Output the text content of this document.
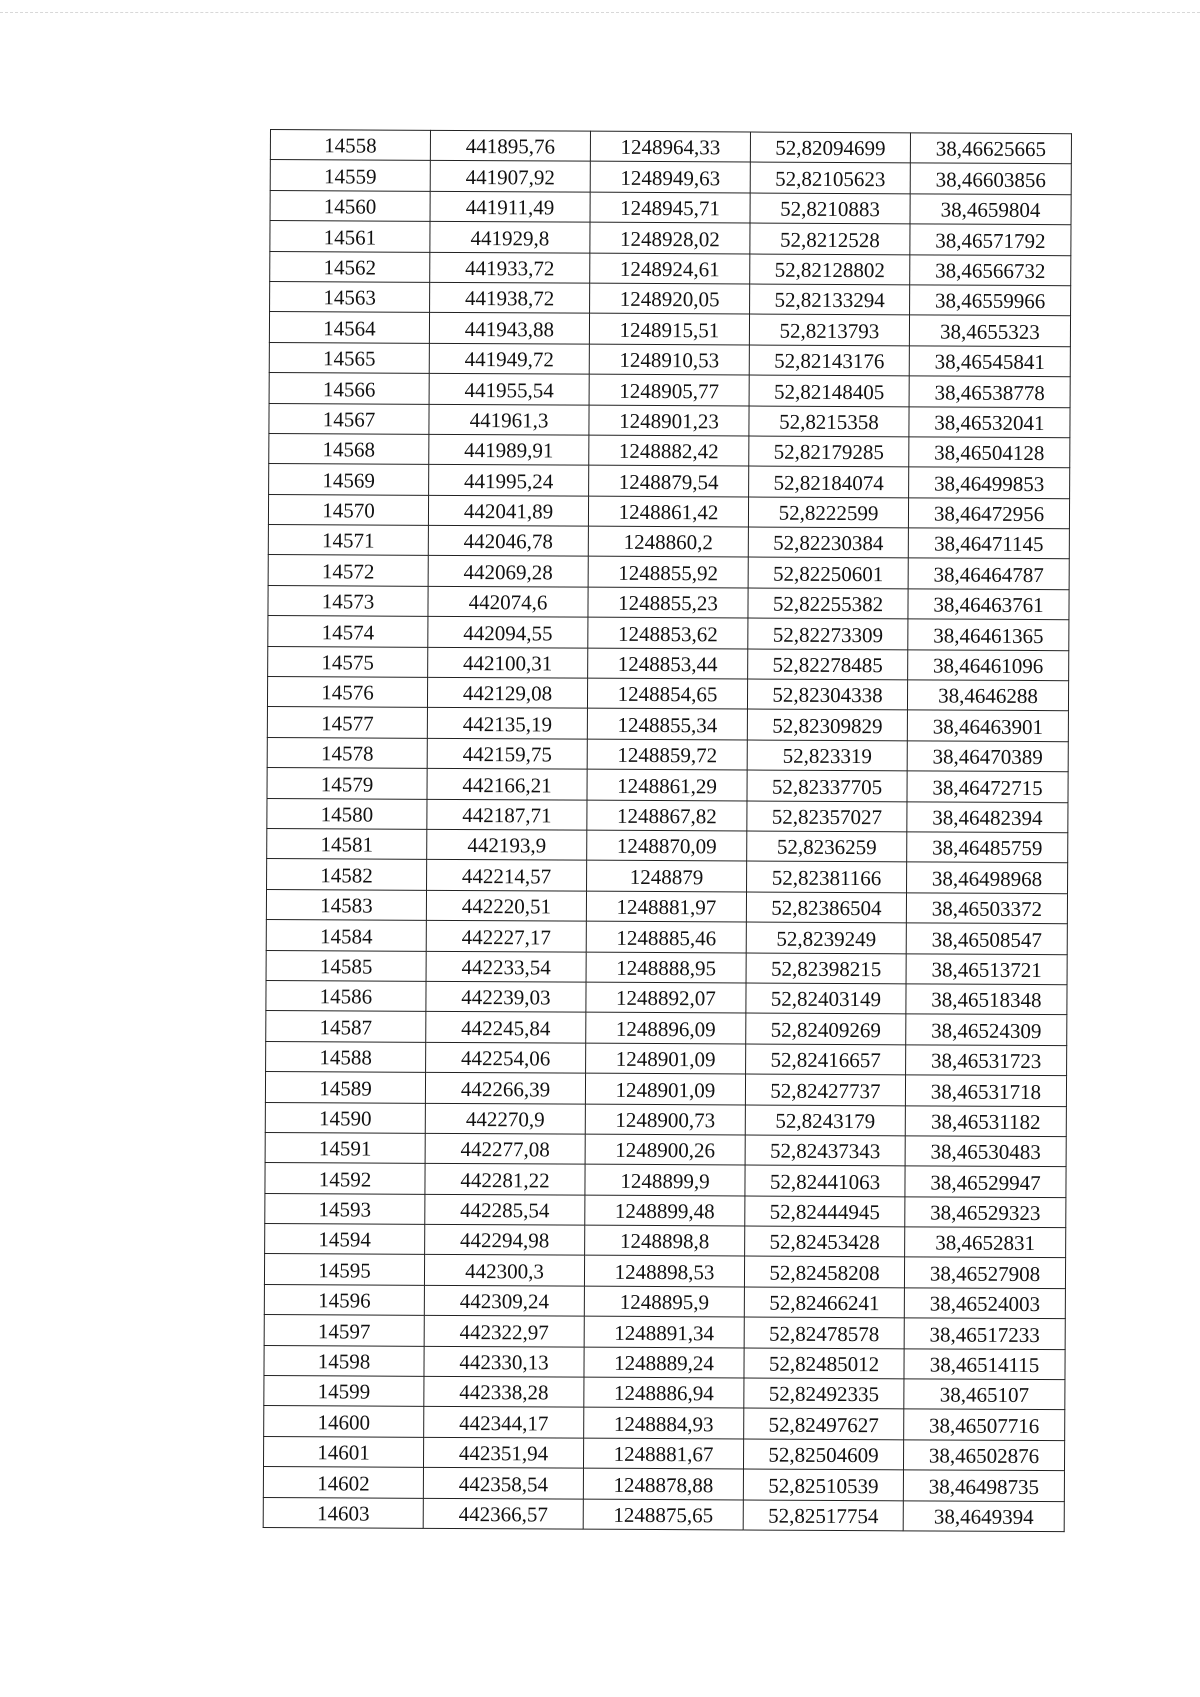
14558	441895,76	1248964,33	52,82094699	38,46625665
14559	441907,92	1248949,63	52,82105623	38,46603856
14560	441911,49	1248945,71	52,8210883	38,4659804
14561	441929,8	1248928,02	52,8212528	38,46571792
14562	441933,72	1248924,61	52,82128802	38,46566732
14563	441938,72	1248920,05	52,82133294	38,46559966
14564	441943,88	1248915,51	52,8213793	38,4655323
14565	441949,72	1248910,53	52,82143176	38,46545841
14566	441955,54	1248905,77	52,82148405	38,46538778
14567	441961,3	1248901,23	52,8215358	38,46532041
14568	441989,91	1248882,42	52,82179285	38,46504128
14569	441995,24	1248879,54	52,82184074	38,46499853
14570	442041,89	1248861,42	52,8222599	38,46472956
14571	442046,78	1248860,2	52,82230384	38,46471145
14572	442069,28	1248855,92	52,82250601	38,46464787
14573	442074,6	1248855,23	52,82255382	38,46463761
14574	442094,55	1248853,62	52,82273309	38,46461365
14575	442100,31	1248853,44	52,82278485	38,46461096
14576	442129,08	1248854,65	52,82304338	38,4646288
14577	442135,19	1248855,34	52,82309829	38,46463901
14578	442159,75	1248859,72	52,823319	38,46470389
14579	442166,21	1248861,29	52,82337705	38,46472715
14580	442187,71	1248867,82	52,82357027	38,46482394
14581	442193,9	1248870,09	52,8236259	38,46485759
14582	442214,57	1248879	52,82381166	38,46498968
14583	442220,51	1248881,97	52,82386504	38,46503372
14584	442227,17	1248885,46	52,8239249	38,46508547
14585	442233,54	1248888,95	52,82398215	38,46513721
14586	442239,03	1248892,07	52,82403149	38,46518348
14587	442245,84	1248896,09	52,82409269	38,46524309
14588	442254,06	1248901,09	52,82416657	38,46531723
14589	442266,39	1248901,09	52,82427737	38,46531718
14590	442270,9	1248900,73	52,8243179	38,46531182
14591	442277,08	1248900,26	52,82437343	38,46530483
14592	442281,22	1248899,9	52,82441063	38,46529947
14593	442285,54	1248899,48	52,82444945	38,46529323
14594	442294,98	1248898,8	52,82453428	38,4652831
14595	442300,3	1248898,53	52,82458208	38,46527908
14596	442309,24	1248895,9	52,82466241	38,46524003
14597	442322,97	1248891,34	52,82478578	38,46517233
14598	442330,13	1248889,24	52,82485012	38,46514115
14599	442338,28	1248886,94	52,82492335	38,465107
14600	442344,17	1248884,93	52,82497627	38,46507716
14601	442351,94	1248881,67	52,82504609	38,46502876
14602	442358,54	1248878,88	52,82510539	38,46498735
14603	442366,57	1248875,65	52,82517754	38,4649394
